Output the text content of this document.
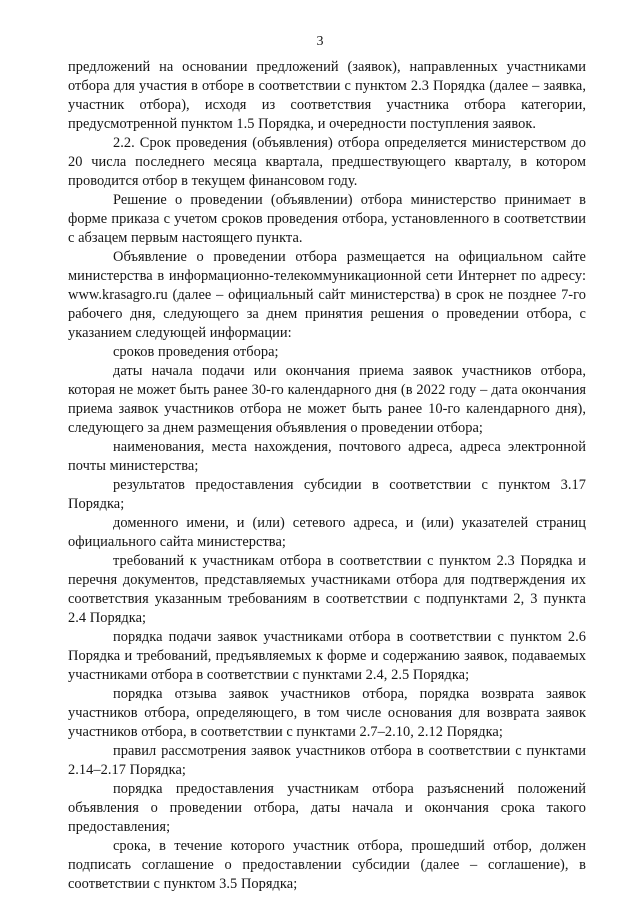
3

предложений на основании предложений (заявок), направленных участниками отбора для участия в отборе в соответствии с пунктом 2.3 Порядка (далее – заявка, участник отбора), исходя из соответствия участника отбора категории, предусмотренной пунктом 1.5 Порядка, и очередности поступления заявок.

2.2. Срок проведения (объявления) отбора определяется министерством до 20 числа последнего месяца квартала, предшествующего кварталу, в котором проводится отбор в текущем финансовом году.

Решение о проведении (объявлении) отбора министерство принимает в форме приказа с учетом сроков проведения отбора, установленного в соответствии с абзацем первым настоящего пункта.

Объявление о проведении отбора размещается на официальном сайте министерства в информационно-телекоммуникационной сети Интернет по адресу: www.krasagro.ru (далее – официальный сайт министерства) в срок не позднее 7-го рабочего дня, следующего за днем принятия решения о проведении отбора, с указанием следующей информации:

сроков проведения отбора;

даты начала подачи или окончания приема заявок участников отбора, которая не может быть ранее 30-го календарного дня (в 2022 году – дата окончания приема заявок участников отбора не может быть ранее 10-го календарного дня), следующего за днем размещения объявления о проведении отбора;

наименования, места нахождения, почтового адреса, адреса электронной почты министерства;

результатов предоставления субсидии в соответствии с пунктом 3.17 Порядка;

доменного имени, и (или) сетевого адреса, и (или) указателей страниц официального сайта министерства;

требований к участникам отбора в соответствии с пунктом 2.3 Порядка и перечня документов, представляемых участниками отбора для подтверждения их соответствия указанным требованиям в соответствии с подпунктами 2, 3 пункта 2.4 Порядка;

порядка подачи заявок участниками отбора в соответствии с пунктом 2.6 Порядка и требований, предъявляемых к форме и содержанию заявок, подаваемых участниками отбора в соответствии с пунктами 2.4, 2.5 Порядка;

порядка отзыва заявок участников отбора, порядка возврата заявок участников отбора, определяющего, в том числе основания для возврата заявок участников отбора, в соответствии с пунктами 2.7–2.10, 2.12 Порядка;

правил рассмотрения заявок участников отбора в соответствии с пунктами 2.14–2.17 Порядка;

порядка предоставления участникам отбора разъяснений положений объявления о проведении отбора, даты начала и окончания срока такого предоставления;

срока, в течение которого участник отбора, прошедший отбор, должен подписать соглашение о предоставлении субсидии (далее – соглашение), в соответствии с пунктом 3.5 Порядка;
